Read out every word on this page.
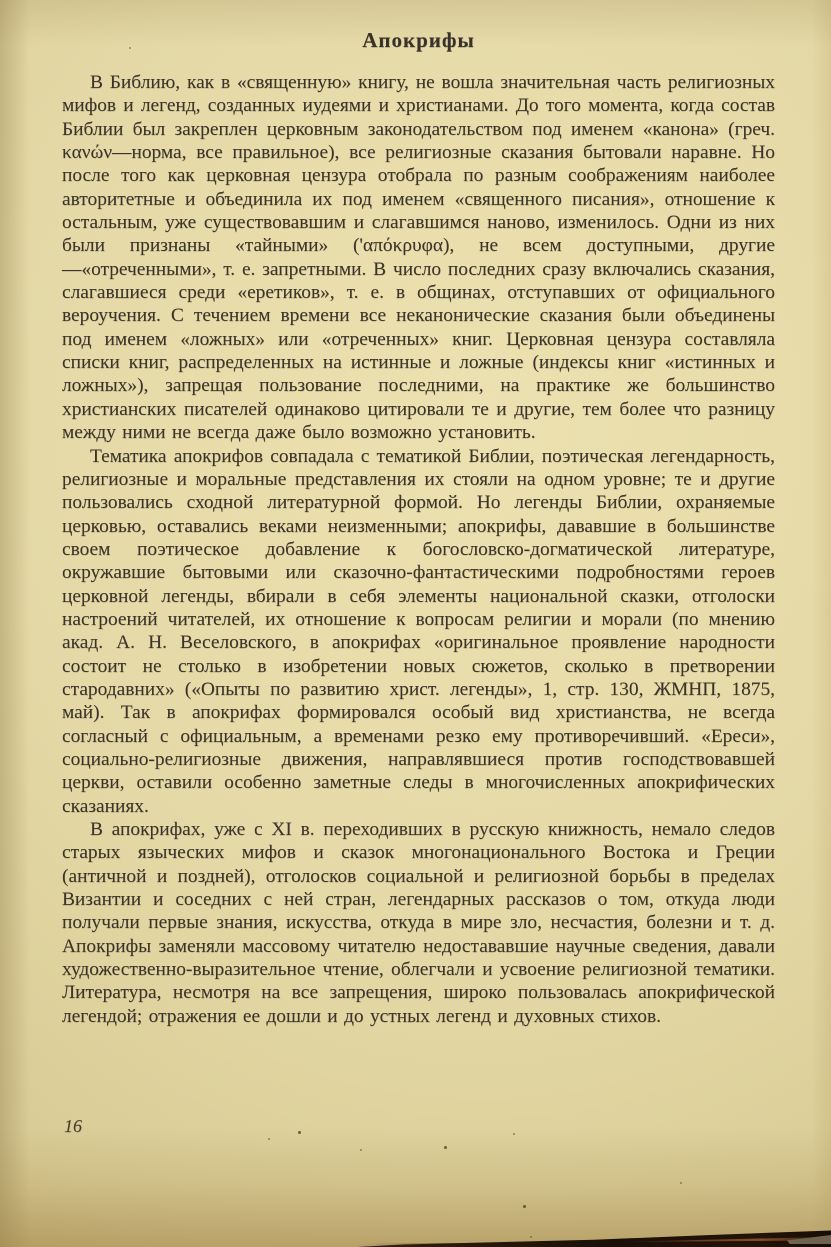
Апокрифы

В Библию, как в «священную» книгу, не вошла значительная часть религиозных мифов и легенд, созданных иудеями и христианами. До того момента, когда состав Библии был закреплен церковным законодательством под именем «канона» (греч. κανών—норма, все правильное), все религиозные сказания бытовали наравне. Но после того как церковная цензура отобрала по разным соображениям наиболее авторитетные и объединила их под именем «священного писания», отношение к остальным, уже существовавшим и слагавшимся наново, изменилось. Одни из них были признаны «тайными» ('απόκρυφα), не всем доступными, другие—«отреченными», т. е. запретными. В число последних сразу включались сказания, слагавшиеся среди «еретиков», т. е. в общинах, отступавших от официального вероучения. С течением времени все неканонические сказания были объединены под именем «ложных» или «отреченных» книг. Церковная цензура составляла списки книг, распределенных на истинные и ложные (индексы книг «истинных и ложных»), запрещая пользование последними, на практике же большинство христианских писателей одинаково цитировали те и другие, тем более что разницу между ними не всегда даже было возможно установить.

Тематика апокрифов совпадала с тематикой Библии, поэтическая легендарность, религиозные и моральные представления их стояли на одном уровне; те и другие пользовались сходной литературной формой. Но легенды Библии, охраняемые церковью, оставались веками неизменными; апокрифы, дававшие в большинстве своем поэтическое добавление к богословско-догматической литературе, окружавшие бытовыми или сказочно-фантастическими подробностями героев церковной легенды, вбирали в себя элементы национальной сказки, отголоски настроений читателей, их отношение к вопросам религии и морали (по мнению акад. А. Н. Веселовского, в апокрифах «оригинальное проявление народности состоит не столько в изобретении новых сюжетов, сколько в претворении стародавних» («Опыты по развитию христ. легенды», 1, стр. 130, ЖМНП, 1875, май). Так в апокрифах формировался особый вид христианства, не всегда согласный с официальным, а временами резко ему противоречивший. «Ереси», социально-религиозные движения, направлявшиеся против господствовавшей церкви, оставили особенно заметные следы в многочисленных апокрифических сказаниях.

В апокрифах, уже с XI в. переходивших в русскую книжность, немало следов старых языческих мифов и сказок многонационального Востока и Греции (античной и поздней), отголосков социальной и религиозной борьбы в пределах Византии и соседних с ней стран, легендарных рассказов о том, откуда люди получали первые знания, искусства, откуда в мире зло, несчастия, болезни и т. д. Апокрифы заменяли массовому читателю недостававшие научные сведения, давали художественно-выразительное чтение, облегчали и усвоение религиозной тематики. Литература, несмотря на все запрещения, широко пользовалась апокрифической легендой; отражения ее дошли и до устных легенд и духовных стихов.

16
